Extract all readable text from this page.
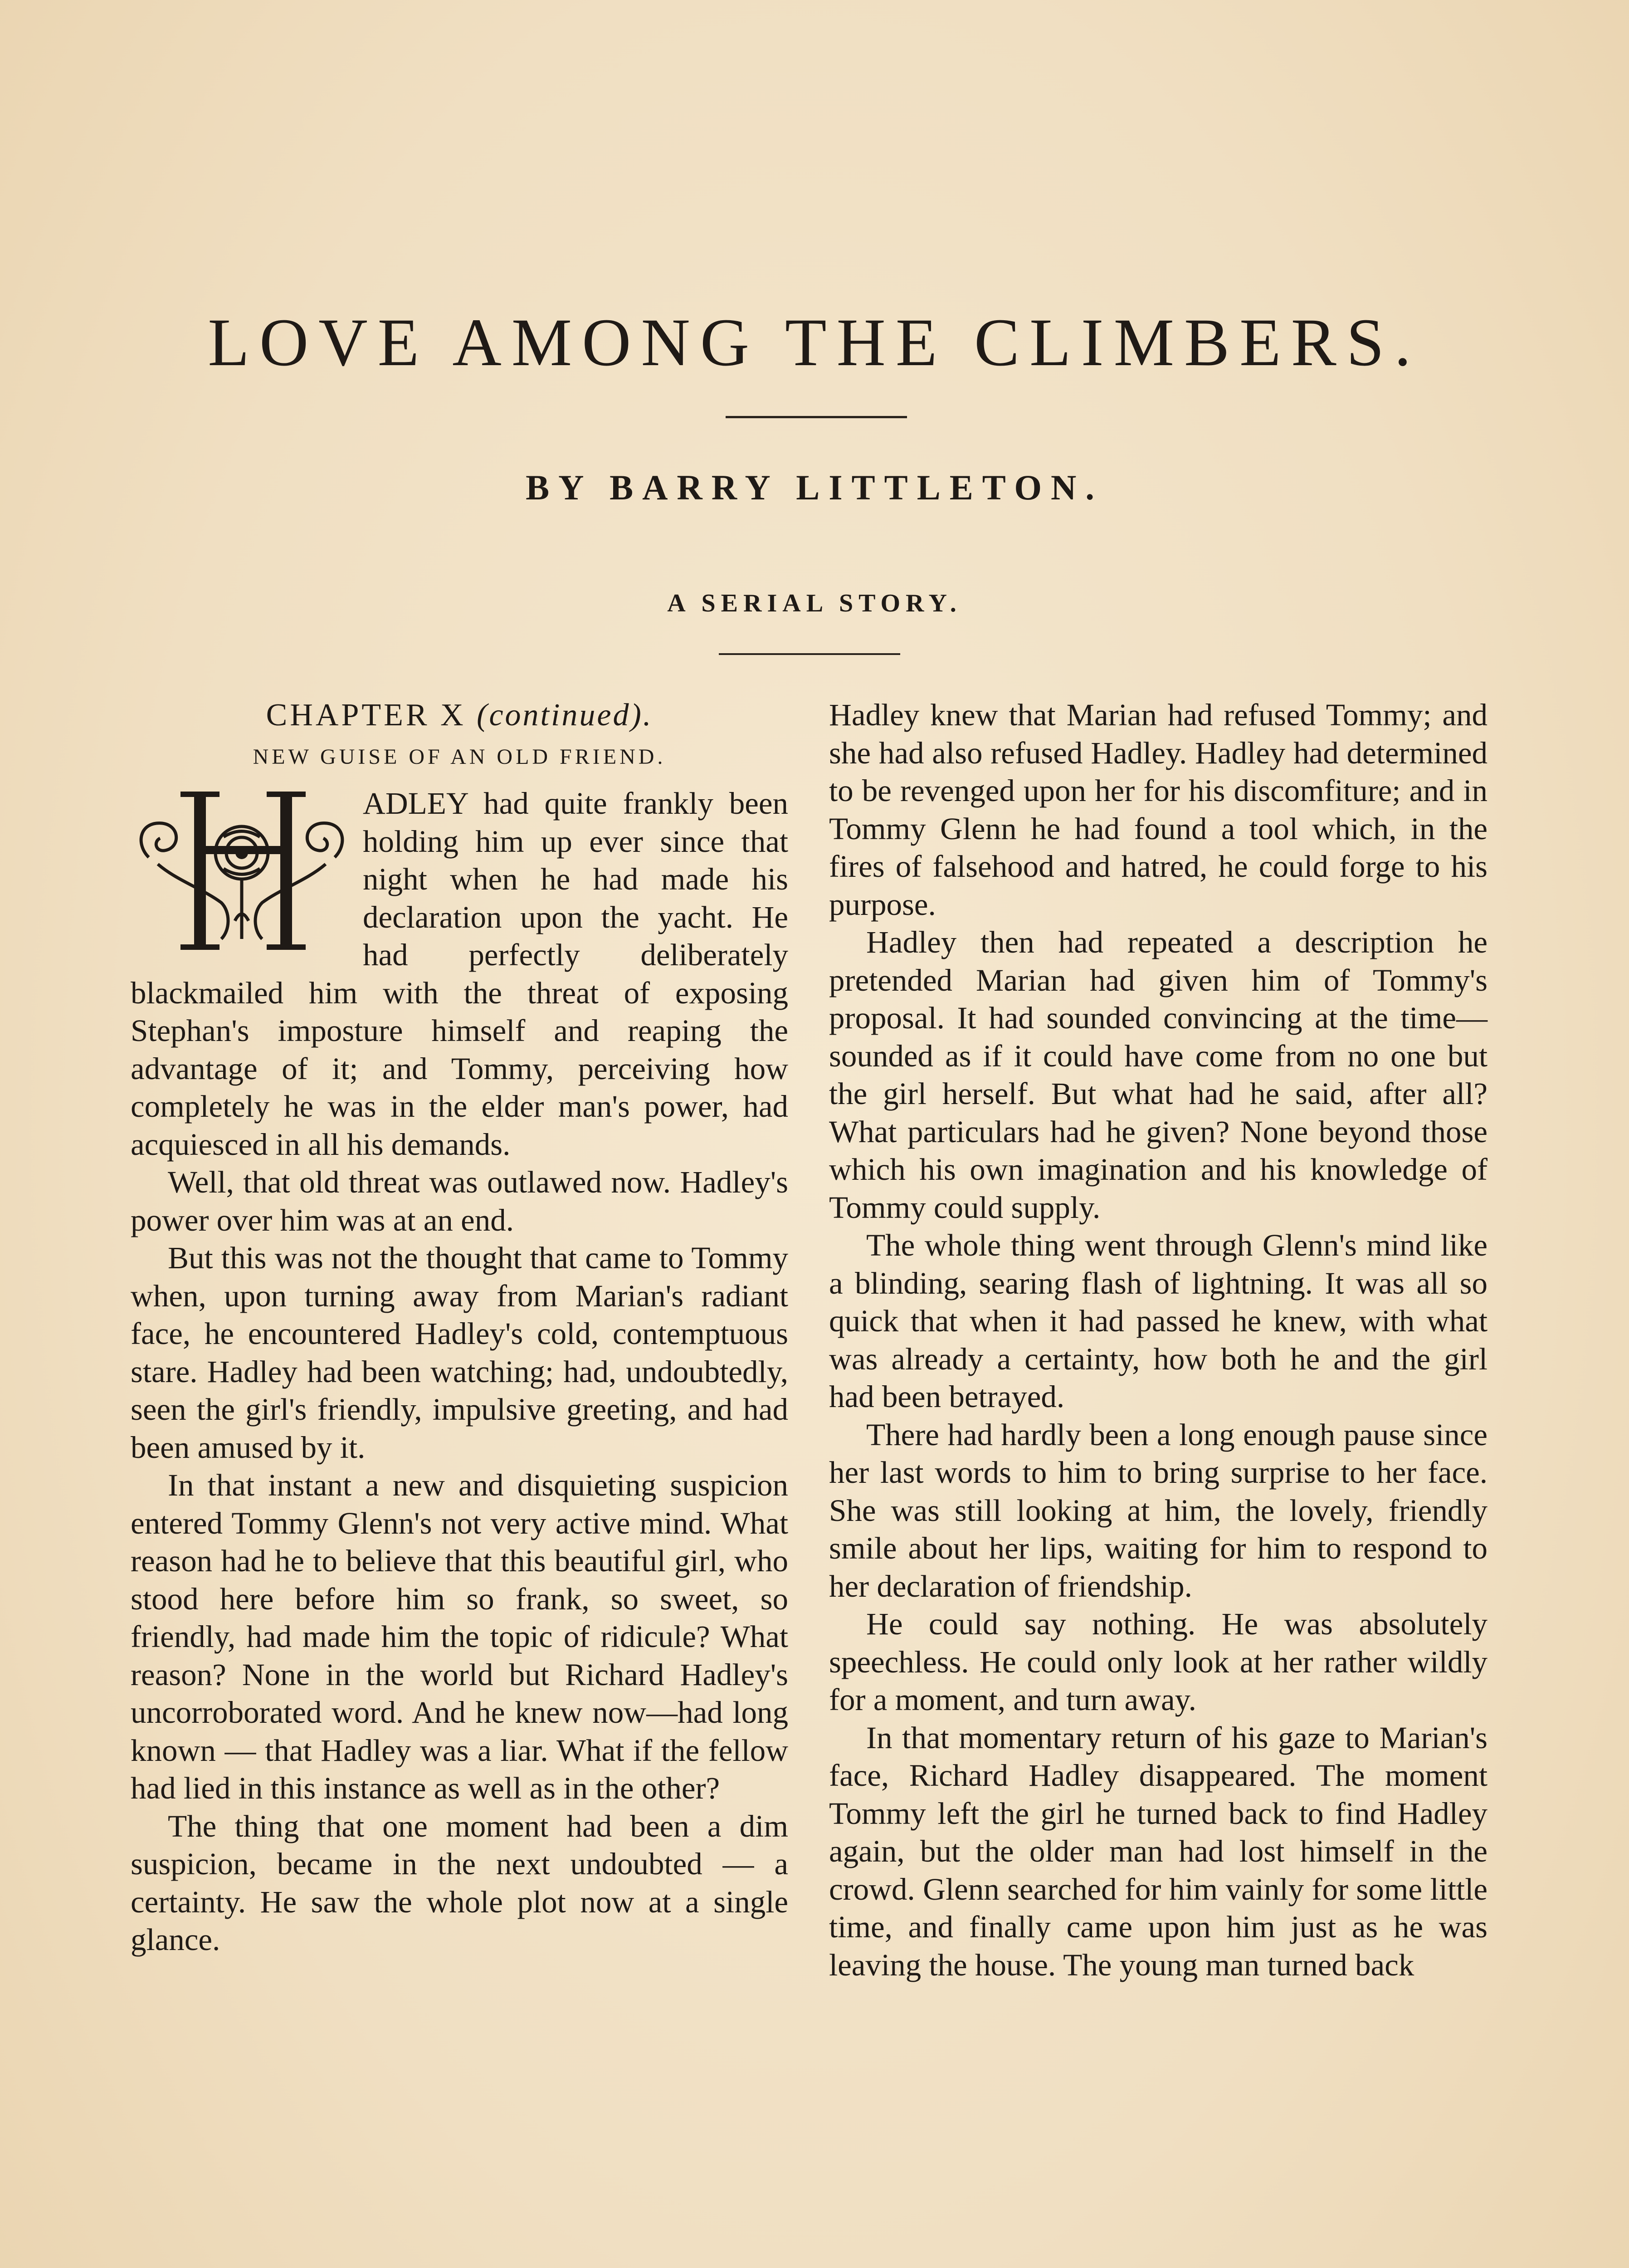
LOVE AMONG THE CLIMBERS.
BY BARRY LITTLETON.
A SERIAL STORY.
CHAPTER X (continued).
NEW GUISE OF AN OLD FRIEND.

ADLEY had quite frankly been holding him up ever since that night when he had made his declaration upon the yacht. He had perfectly deliberately blackmailed him with the threat of exposing Stephan's imposture himself and reaping the advantage of it; and Tommy, perceiving how completely he was in the elder man's power, had acquiesced in all his demands.

Well, that old threat was outlawed now. Hadley's power over him was at an end.

But this was not the thought that came to Tommy when, upon turning away from Marian's radiant face, he encountered Hadley's cold, contemptuous stare. Hadley had been watching; had, undoubtedly, seen the girl's friendly, impulsive greeting, and had been amused by it.

In that instant a new and disquieting suspicion entered Tommy Glenn's not very active mind. What reason had he to believe that this beautiful girl, who stood here before him so frank, so sweet, so friendly, had made him the topic of ridicule? What reason? None in the world but Richard Hadley's uncorroborated word. And he knew now—had long known — that Hadley was a liar. What if the fellow had lied in this instance as well as in the other?

The thing that one moment had been a dim suspicion, became in the next undoubted — a certainty. He saw the whole plot now at a single glance.

Hadley knew that Marian had refused Tommy; and she had also refused Hadley. Hadley had determined to be revenged upon her for his discomfiture; and in Tommy Glenn he had found a tool which, in the fires of falsehood and hatred, he could forge to his purpose.

Hadley then had repeated a description he pretended Marian had given him of Tommy's proposal. It had sounded convincing at the time—sounded as if it could have come from no one but the girl herself. But what had he said, after all? What particulars had he given? None beyond those which his own imagination and his knowledge of Tommy could supply.

The whole thing went through Glenn's mind like a blinding, searing flash of lightning. It was all so quick that when it had passed he knew, with what was already a certainty, how both he and the girl had been betrayed.

There had hardly been a long enough pause since her last words to him to bring surprise to her face. She was still looking at him, the lovely, friendly smile about her lips, waiting for him to respond to her declaration of friendship.

He could say nothing. He was absolutely speechless. He could only look at her rather wildly for a moment, and turn away.

In that momentary return of his gaze to Marian's face, Richard Hadley disappeared. The moment Tommy left the girl he turned back to find Hadley again, but the older man had lost himself in the crowd. Glenn searched for him vainly for some little time, and finally came upon him just as he was leaving the house. The young man turned back
